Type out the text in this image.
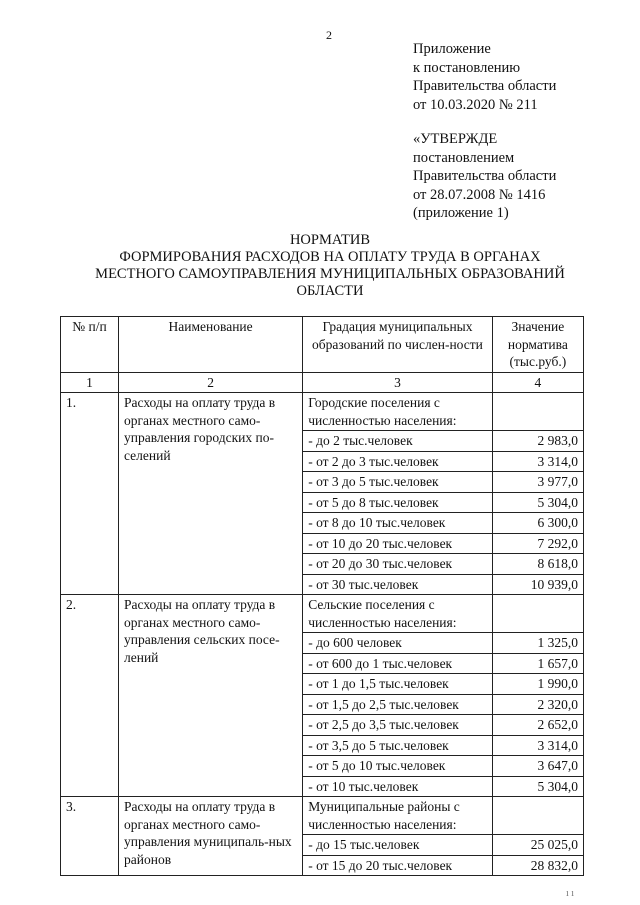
2
Приложение
к постановлению
Правительства области
от 10.03.2020 № 211
«УТВЕРЖДЕ
постановлением
Правительства области
от 28.07.2008 № 1416
(приложение 1)
НОРМАТИВ
ФОРМИРОВАНИЯ РАСХОДОВ НА ОПЛАТУ ТРУДА В ОРГАНАХ
МЕСТНОГО САМОУПРАВЛЕНИЯ МУНИЦИПАЛЬНЫХ ОБРАЗОВАНИЙ
ОБЛАСТИ
№ п/п	Наименование	Градация муниципальных образований по числен-ности	Значение норматива (тыс.руб.)
1	2	3	4
1.	Расходы на оплату труда в органах местного само-управления городских по-селений	Городские поселения с численностью населения:	
		- до 2 тыс.человек	2 983,0
		- от 2 до 3 тыс.человек	3 314,0
		- от 3 до 5 тыс.человек	3 977,0
		- от 5 до 8 тыс.человек	5 304,0
		- от 8 до 10 тыс.человек	6 300,0
		- от 10 до 20 тыс.человек	7 292,0
		- от 20 до 30 тыс.человек	8 618,0
		- от 30 тыс.человек	10 939,0
2.	Расходы на оплату труда в органах местного само-управления сельских посе-лений	Сельские поселения с численностью населения:	
		- до 600 человек	1 325,0
		- от 600 до 1 тыс.человек	1 657,0
		- от 1 до 1,5 тыс.человек	1 990,0
		- от 1,5 до 2,5 тыс.человек	2 320,0
		- от 2,5 до 3,5 тыс.человек	2 652,0
		- от 3,5 до 5 тыс.человек	3 314,0
		- от 5 до 10 тыс.человек	3 647,0
		- от 10 тыс.человек	5 304,0
3.	Расходы на оплату труда в органах местного само-управления муниципаль-ных районов	Муниципальные районы с численностью населения:	
		- до 15 тыс.человек	25 025,0
		- от 15 до 20 тыс.человек	28 832,0
ı ı
